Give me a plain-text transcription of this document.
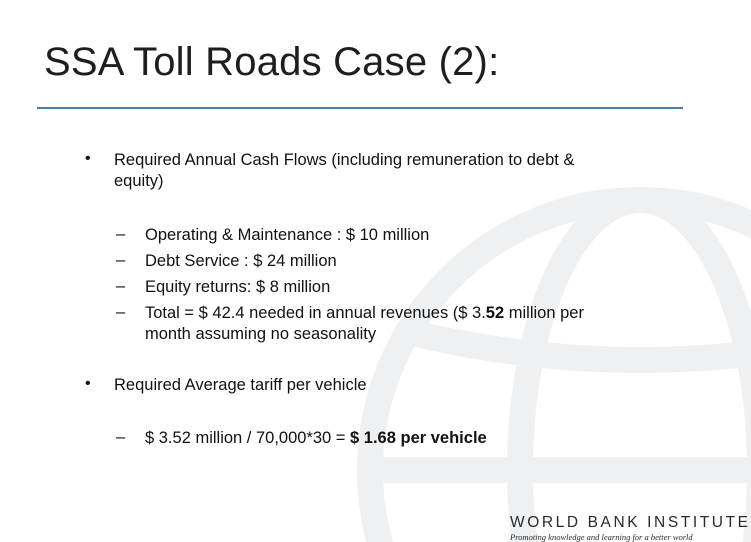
SSA Toll Roads Case (2):
• Required Annual Cash Flows (including remuneration to debt &
equity)
– Operating & Maintenance : $ 10 million
– Debt Service : $ 24 million
– Equity returns: $ 8 million
– Total = $ 42.4 needed in annual revenues ($ 3.52 million per
month assuming no seasonality
• Required Average tariff per vehicle
– $ 3.52 million / 70,000*30 = $ 1.68 per vehicle
WORLD BANK INSTITUTE
Promoting knowledge and learning for a better world
